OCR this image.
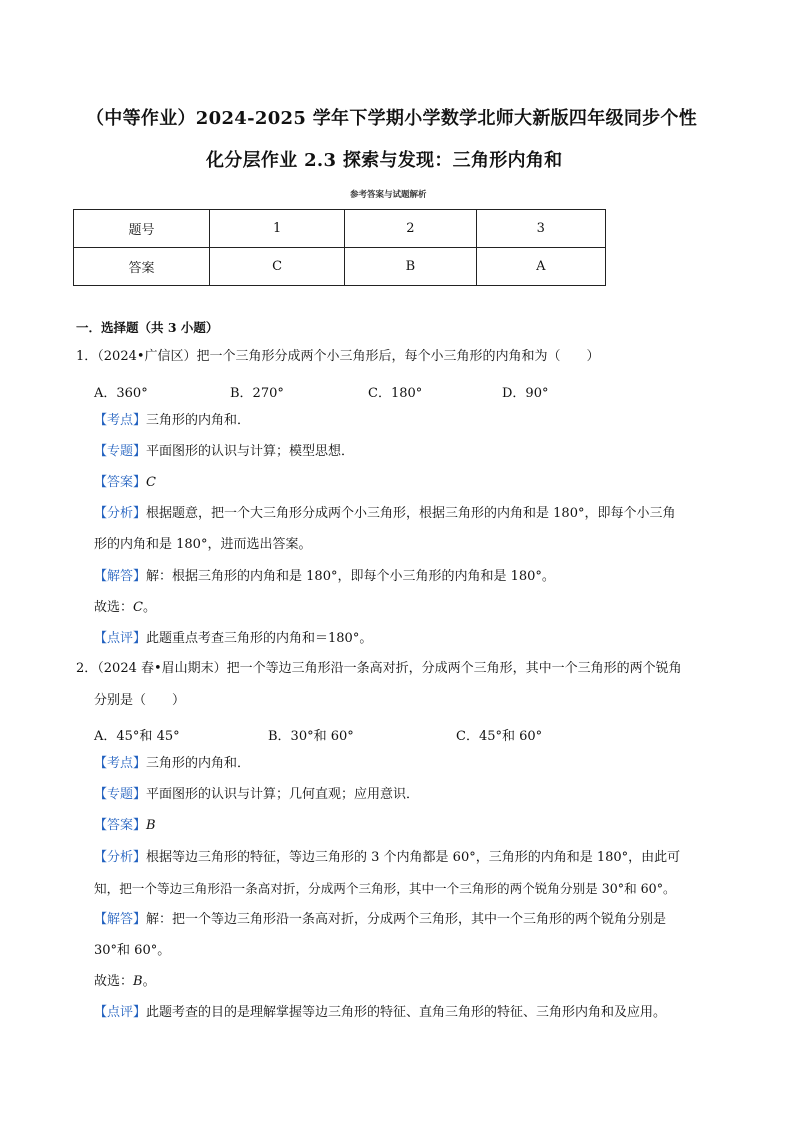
（中等作业）2024-2025 学年下学期小学数学北师大新版四年级同步个性
化分层作业 2.3 探索与发现：三角形内角和
参考答案与试题解析
题号	1	2	3
答案	C	B	A
一．选择题（共 3 小题）
1．（2024•广信区）把一个三角形分成两个小三角形后，每个小三角形的内角和为（　　）
A．360°	B．270°	C．180°	D．90°
【考点】三角形的内角和．
【专题】平面图形的认识与计算；模型思想．
【答案】C
【分析】根据题意，把一个大三角形分成两个小三角形，根据三角形的内角和是 180°，即每个小三角
形的内角和是 180°，进而选出答案。
【解答】解：根据三角形的内角和是 180°，即每个小三角形的内角和是 180°。
故选：C。
【点评】此题重点考查三角形的内角和＝180°。
2．（2024 春•眉山期末）把一个等边三角形沿一条高对折，分成两个三角形，其中一个三角形的两个锐角
分别是（　　）
A．45°和 45°	B．30°和 60°	C．45°和 60°
【考点】三角形的内角和．
【专题】平面图形的认识与计算；几何直观；应用意识．
【答案】B
【分析】根据等边三角形的特征，等边三角形的 3 个内角都是 60°，三角形的内角和是 180°，由此可
知，把一个等边三角形沿一条高对折，分成两个三角形，其中一个三角形的两个锐角分别是 30°和 60°。
【解答】解：把一个等边三角形沿一条高对折，分成两个三角形，其中一个三角形的两个锐角分别是
30°和 60°。
故选：B。
【点评】此题考查的目的是理解掌握等边三角形的特征、直角三角形的特征、三角形内角和及应用。
